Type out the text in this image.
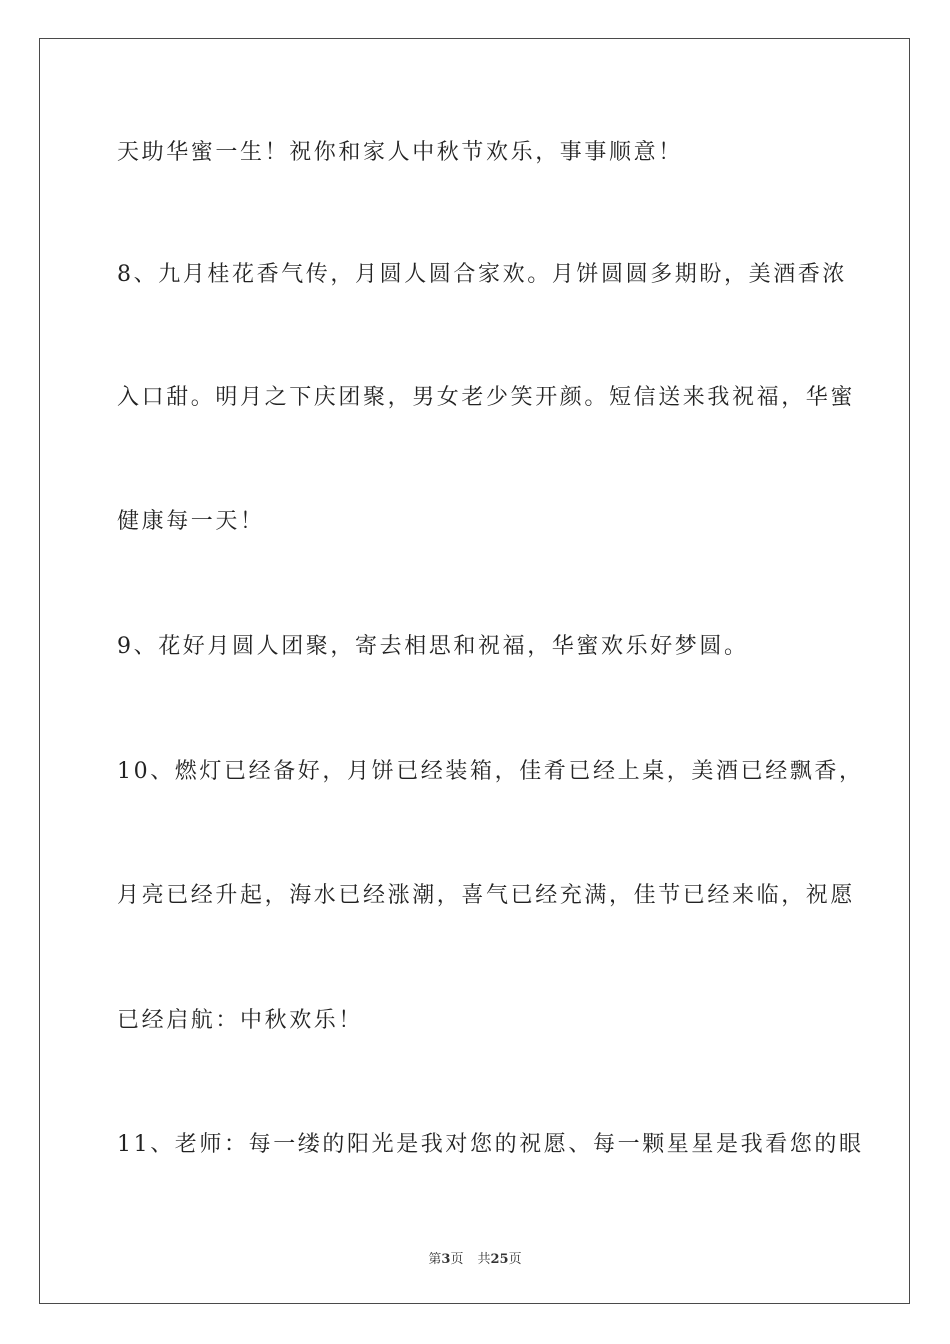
天助华蜜一生！祝你和家人中秋节欢乐，事事顺意！
8、九月桂花香气传，月圆人圆合家欢。月饼圆圆多期盼，美酒香浓
入口甜。明月之下庆团聚，男女老少笑开颜。短信送来我祝福，华蜜
健康每一天！
9、花好月圆人团聚，寄去相思和祝福，华蜜欢乐好梦圆。
10、燃灯已经备好，月饼已经装箱，佳肴已经上桌，美酒已经飘香，
月亮已经升起，海水已经涨潮，喜气已经充满，佳节已经来临，祝愿
已经启航：中秋欢乐！
11、老师：每一缕的阳光是我对您的祝愿、每一颗星星是我看您的眼
第3页 共25页
